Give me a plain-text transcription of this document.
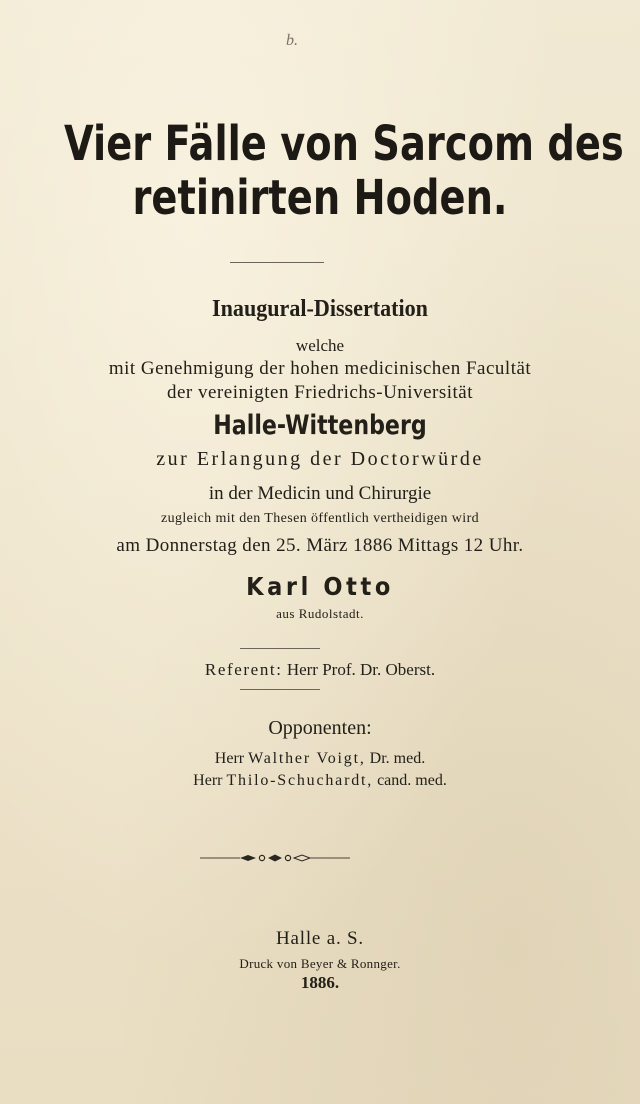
b.
Vier Fälle von Sarcom des
retinirten Hoden.
Inaugural-Dissertation
welche
mit Genehmigung der hohen medicinischen Facultät
der vereinigten Friedrichs-Universität
Halle-Wittenberg
zur Erlangung der Doctorwürde
in der Medicin und Chirurgie
zugleich mit den Thesen öffentlich vertheidigen wird
am Donnerstag den 25. März 1886 Mittags 12 Uhr.
Karl Otto
aus Rudolstadt.
Referent: Herr Prof. Dr. Oberst.
Opponenten:
Herr Walther Voigt, Dr. med.
Herr Thilo-Schuchardt, cand. med.
Halle a. S.
Druck von Beyer & Ronnger.
1886.
